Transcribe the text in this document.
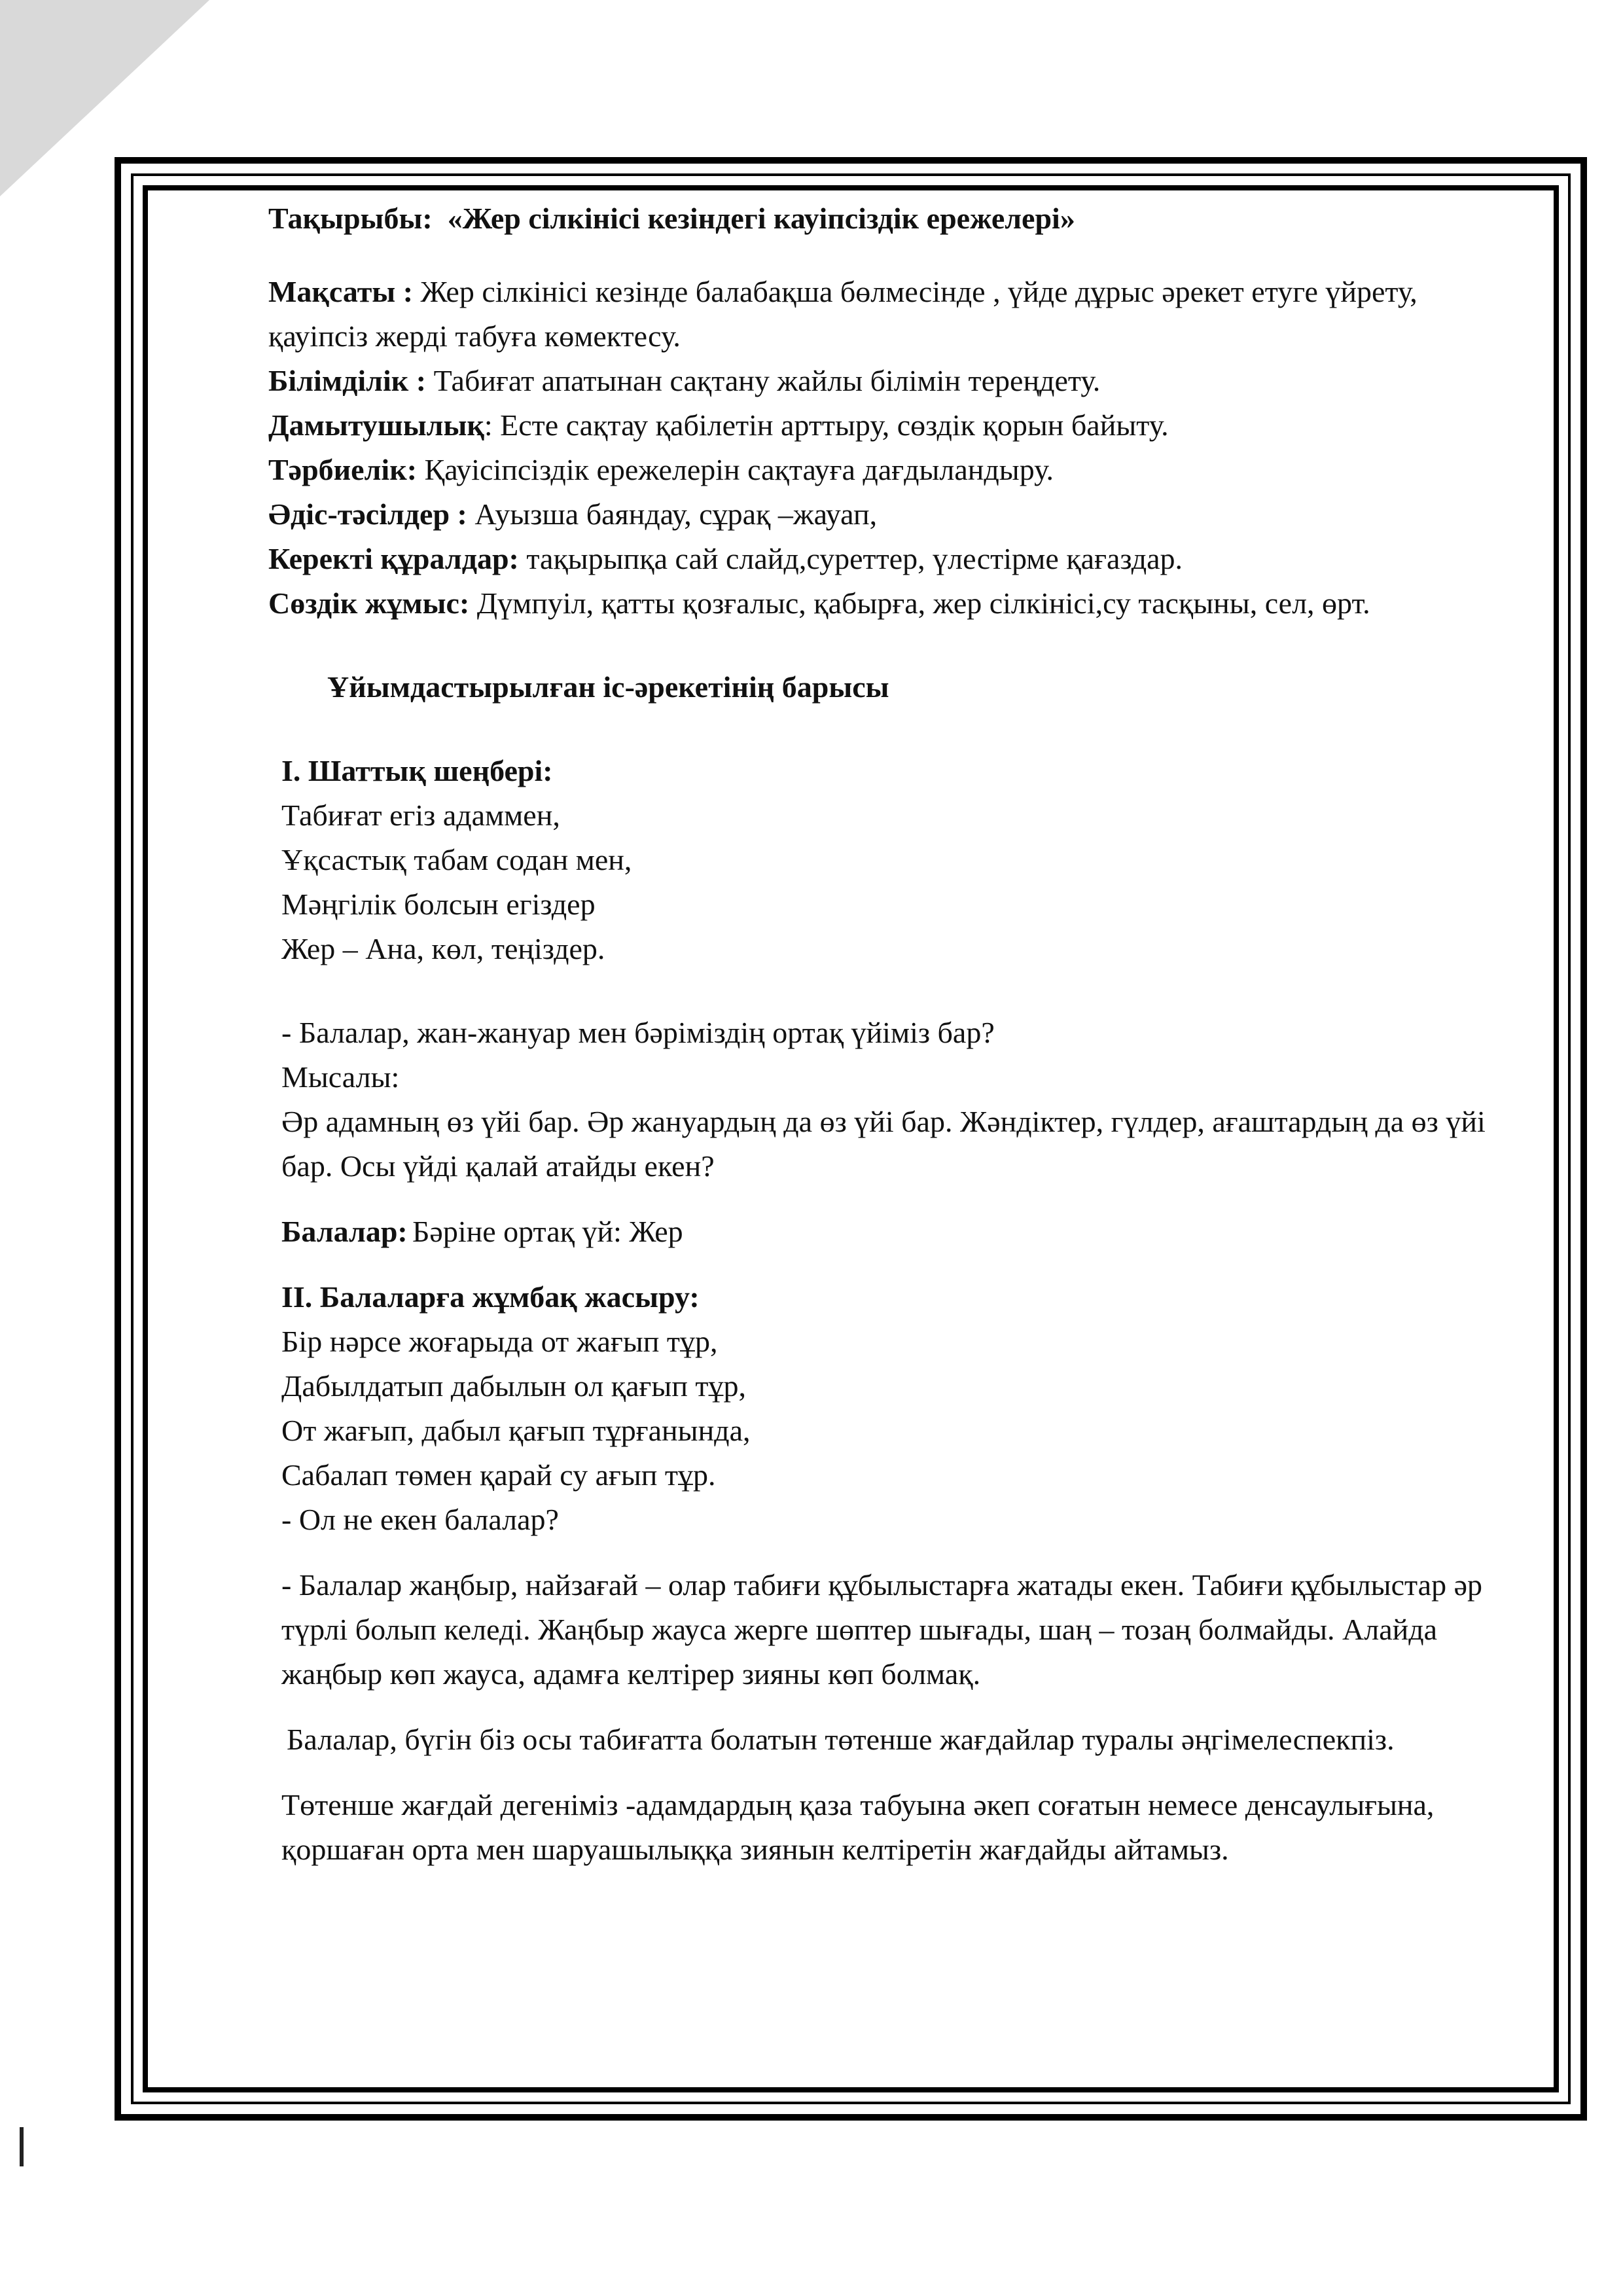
Тақырыбы: «Жер сілкінісі кезіндегі кауіпсіздік ережелері»

Мақсаты : Жер сілкінісі кезінде балабақша бөлмесінде , үйде дұрыс әрекет етуге үйрету, қауіпсіз жерді табуға көмектесу.

Білімділік : Табиғат апатынан сақтану жайлы білімін тереңдету.

Дамытушылық: Есте сақтау қабілетін арттыру, сөздік қорын байыту.

Тәрбиелік: Қауісіпсіздік ережелерін сақтауға дағдыландыру.

Әдіс-тәсілдер : Ауызша баяндау, сұрақ –жауап,

Керекті құралдар: тақырыпқа сай слайд,суреттер, үлестірме қағаздар.

Сөздік жұмыс: Дүмпуіл, қатты қозғалыс, қабырға, жер сілкінісі,су тасқыны, сел, өрт.

Ұйымдастырылған іс-әрекетінің барысы

І. Шаттық шеңбері:

Табиғат егіз адаммен,

Ұқсастық табам содан мен,

Мәңгілік болсын егіздер

Жер – Ана, көл, теңіздер.

- Балалар, жан-жануар мен бәрімiздiң ортақ үйiмiз бар?

Мысалы:

Әр адамның өз үйi бар. Әр жануардың да өз үйi бар. Жәндіктер, гүлдер, ағаштардың да өз үйi бар. Осы үйдi қалай атайды екен?

Балалар: Бәріне ортақ үй: Жер

ІІ. Балаларға жұмбақ жасыру:

Бір нәрсе жоғарыда от жағып тұр,

Дабылдатып дабылын ол қағып тұр,

От жағып, дабыл қағып тұрғанында,

Сабалап төмен қарай су ағып тұр.

- Ол не екен балалар?

- Балалар жаңбыр, найзағай – олар табиғи құбылыстарға жатады екен. Табиғи құбылыстар әр түрлі болып келеді. Жаңбыр жауса жерге шөптер шығады, шаң – тозаң болмайды. Алайда жаңбыр көп жауса, адамға келтірер зияны көп болмақ.

Балалар, бүгін біз осы табиғатта болатын төтенше жағдайлар туралы әңгімелеспекпіз.

Төтенше жағдай дегеніміз -адамдардың қаза табуына әкеп соғатын немесе денсаулығына, қоршаған орта мен шаруашылыққа зиянын келтіретін жағдайды айтамыз.
